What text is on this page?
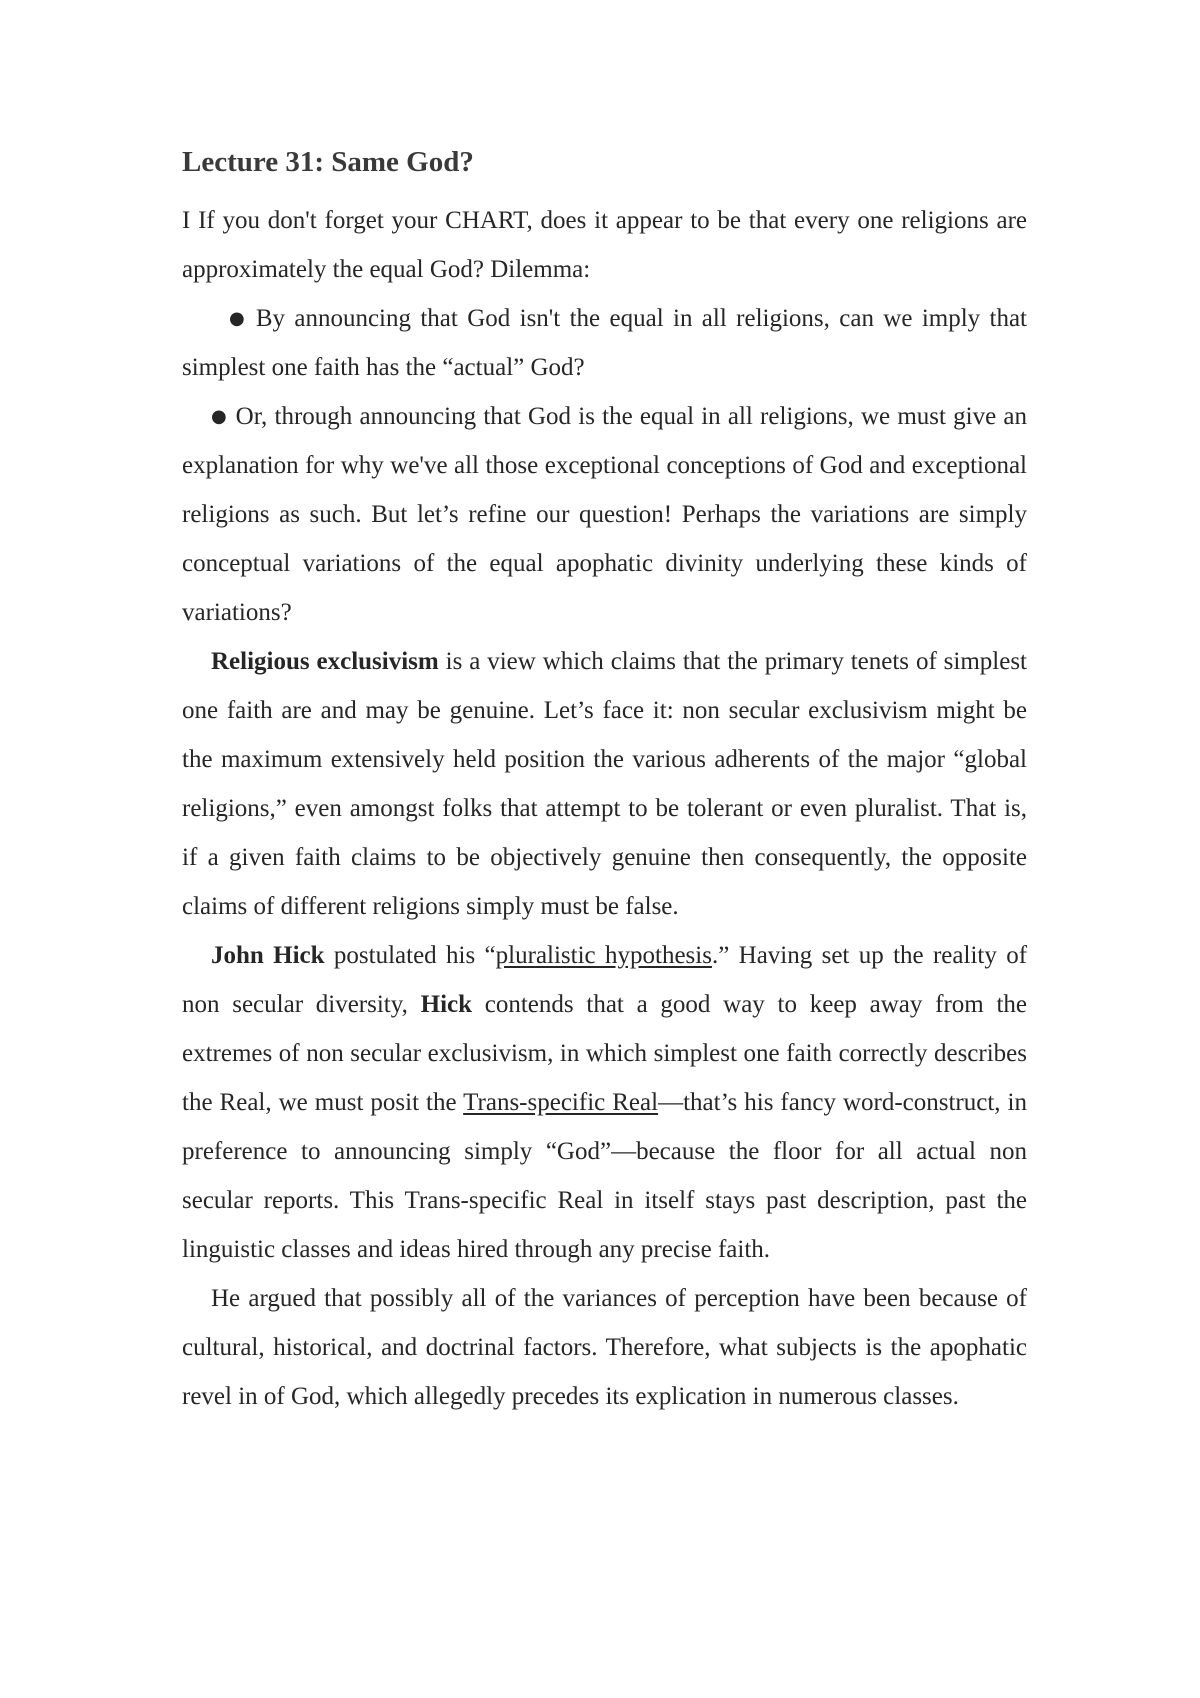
Lecture 31: Same God?

I If you don't forget your CHART, does it appear to be that every one religions are approximately the equal God? Dilemma:

● By announcing that God isn't the equal in all religions, can we imply that simplest one faith has the “actual” God?

● Or, through announcing that God is the equal in all religions, we must give an explanation for why we've all those exceptional conceptions of God and exceptional religions as such. But let’s refine our question! Perhaps the variations are simply conceptual variations of the equal apophatic divinity underlying these kinds of variations?

Religious exclusivism is a view which claims that the primary tenets of simplest one faith are and may be genuine. Let’s face it: non secular exclusivism might be the maximum extensively held position the various adherents of the major “global religions,” even amongst folks that attempt to be tolerant or even pluralist. That is, if a given faith claims to be objectively genuine then consequently, the opposite claims of different religions simply must be false.

John Hick postulated his “pluralistic hypothesis.” Having set up the reality of non secular diversity, Hick contends that a good way to keep away from the extremes of non secular exclusivism, in which simplest one faith correctly describes the Real, we must posit the Trans-specific Real—that’s his fancy word-construct, in preference to announcing simply “God”—because the floor for all actual non secular reports. This Trans-specific Real in itself stays past description, past the linguistic classes and ideas hired through any precise faith.

He argued that possibly all of the variances of perception have been because of cultural, historical, and doctrinal factors. Therefore, what subjects is the apophatic revel in of God, which allegedly precedes its explication in numerous classes.
